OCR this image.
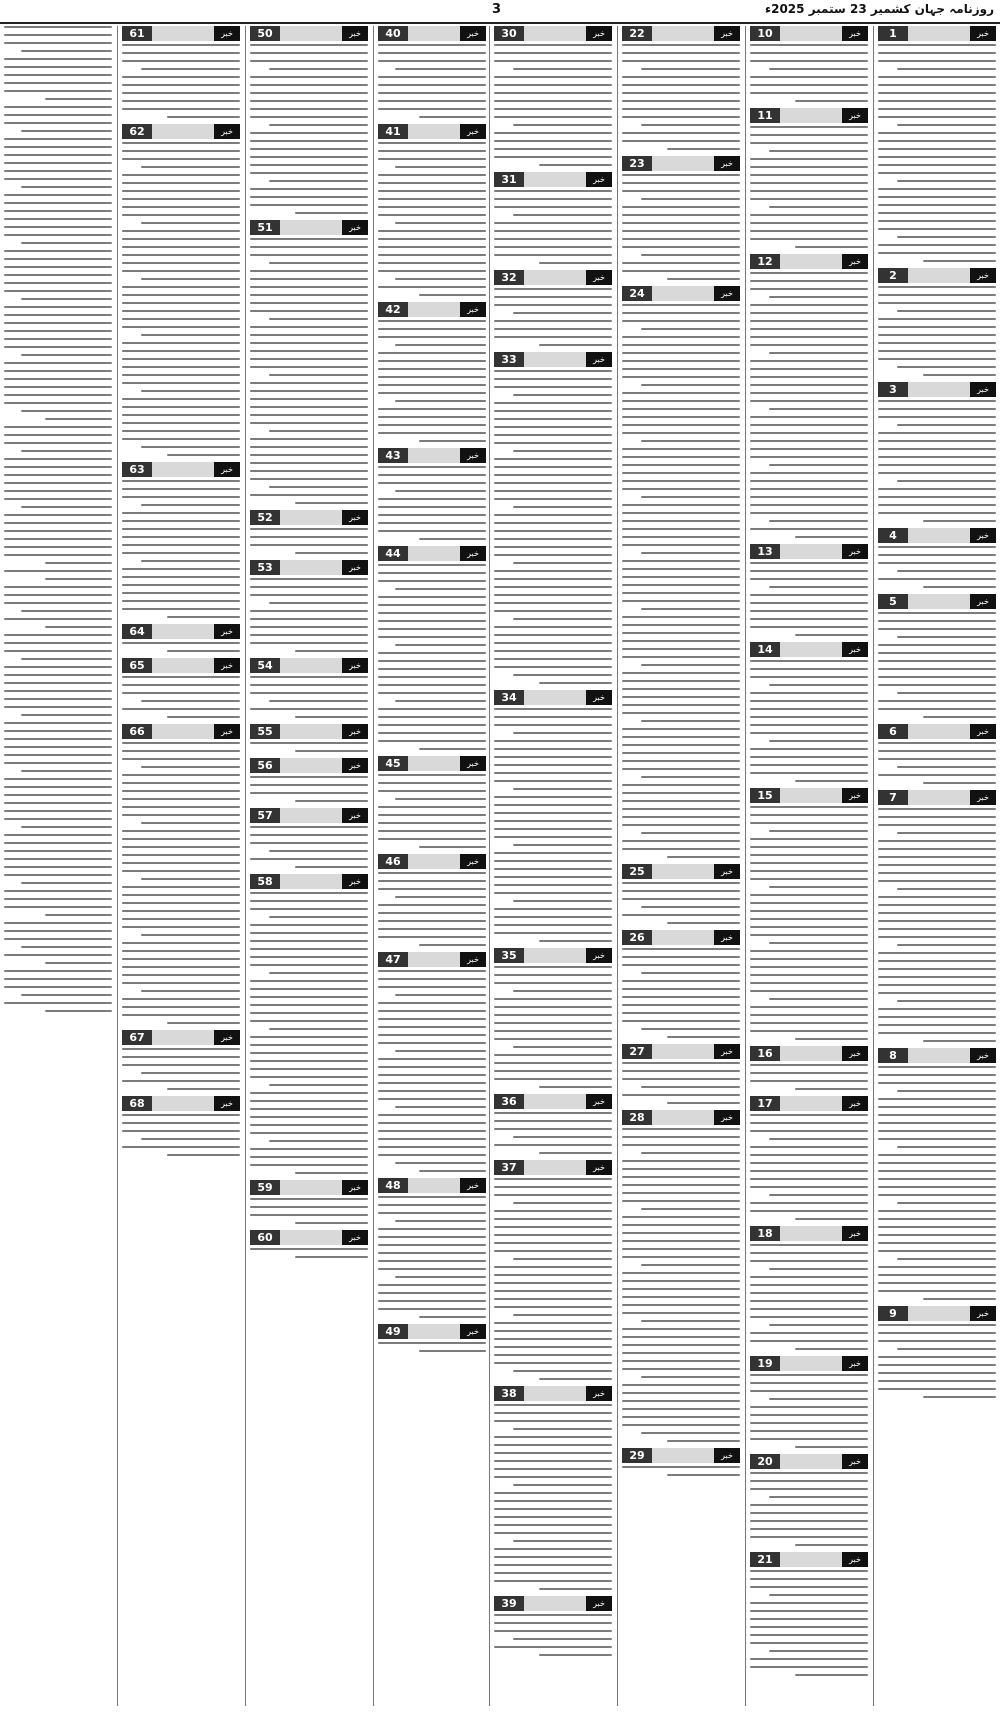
3	روزنامہ جہان کشمیر 23 ستمبر 2025ء
1	خبر
2	خبر
3	خبر
4	خبر
5	خبر
6	خبر
7	خبر
8	خبر
9	خبر
10	خبر
11	خبر
12	خبر
13	خبر
14	خبر
15	خبر
16	خبر
17	خبر
18	خبر
19	خبر
20	خبر
21	خبر
22	خبر
23	خبر
24	خبر
25	خبر
26	خبر
27	خبر
28	خبر
29	خبر
30	خبر
31	خبر
32	خبر
33	خبر
34	خبر
35	خبر
36	خبر
37	خبر
38	خبر
39	خبر
40	خبر
41	خبر
42	خبر
43	خبر
44	خبر
45	خبر
46	خبر
47	خبر
48	خبر
49	خبر
50	خبر
51	خبر
52	خبر
53	خبر
54	خبر
55	خبر
56	خبر
57	خبر
58	خبر
59	خبر
60	خبر
61	خبر
62	خبر
63	خبر
64	خبر
65	خبر
66	خبر
67	خبر
68	خبر
